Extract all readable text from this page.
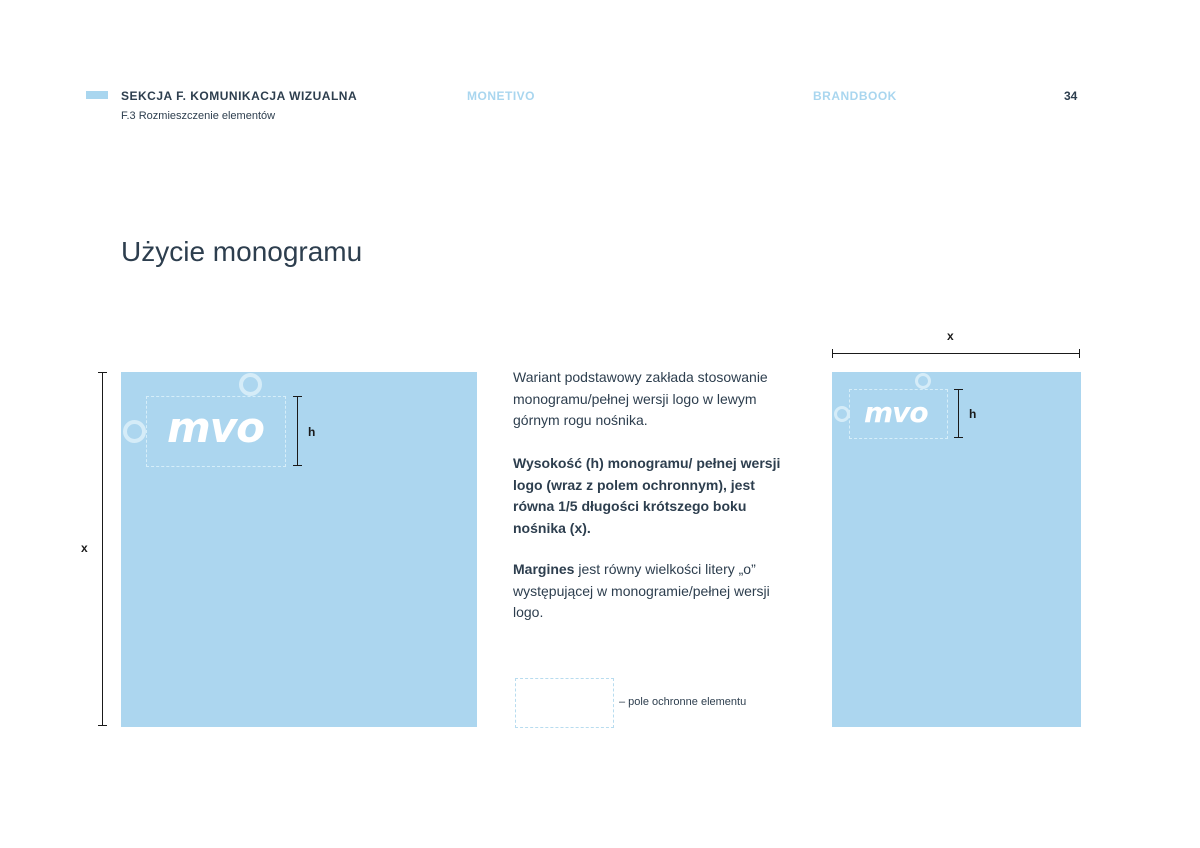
SEKCJA F. KOMUNIKACJA WIZUALNA
F.3 Rozmieszczenie elementów
MONETIVO	BRANDBOOK	34
Użycie monogramu
x
mvo	h
Wariant podstawowy zakłada stosowanie monogramu/pełnej wersji logo w lewym górnym rogu nośnika.
Wysokość (h) monogramu/ pełnej wersji logo (wraz z polem ochronnym), jest równa 1/5 długości krótszego boku nośnika (x).
Margines jest równy wielkości litery „o” występującej w monogramie/pełnej wersji logo.
– pole ochronne elementu
x
mvo	h
